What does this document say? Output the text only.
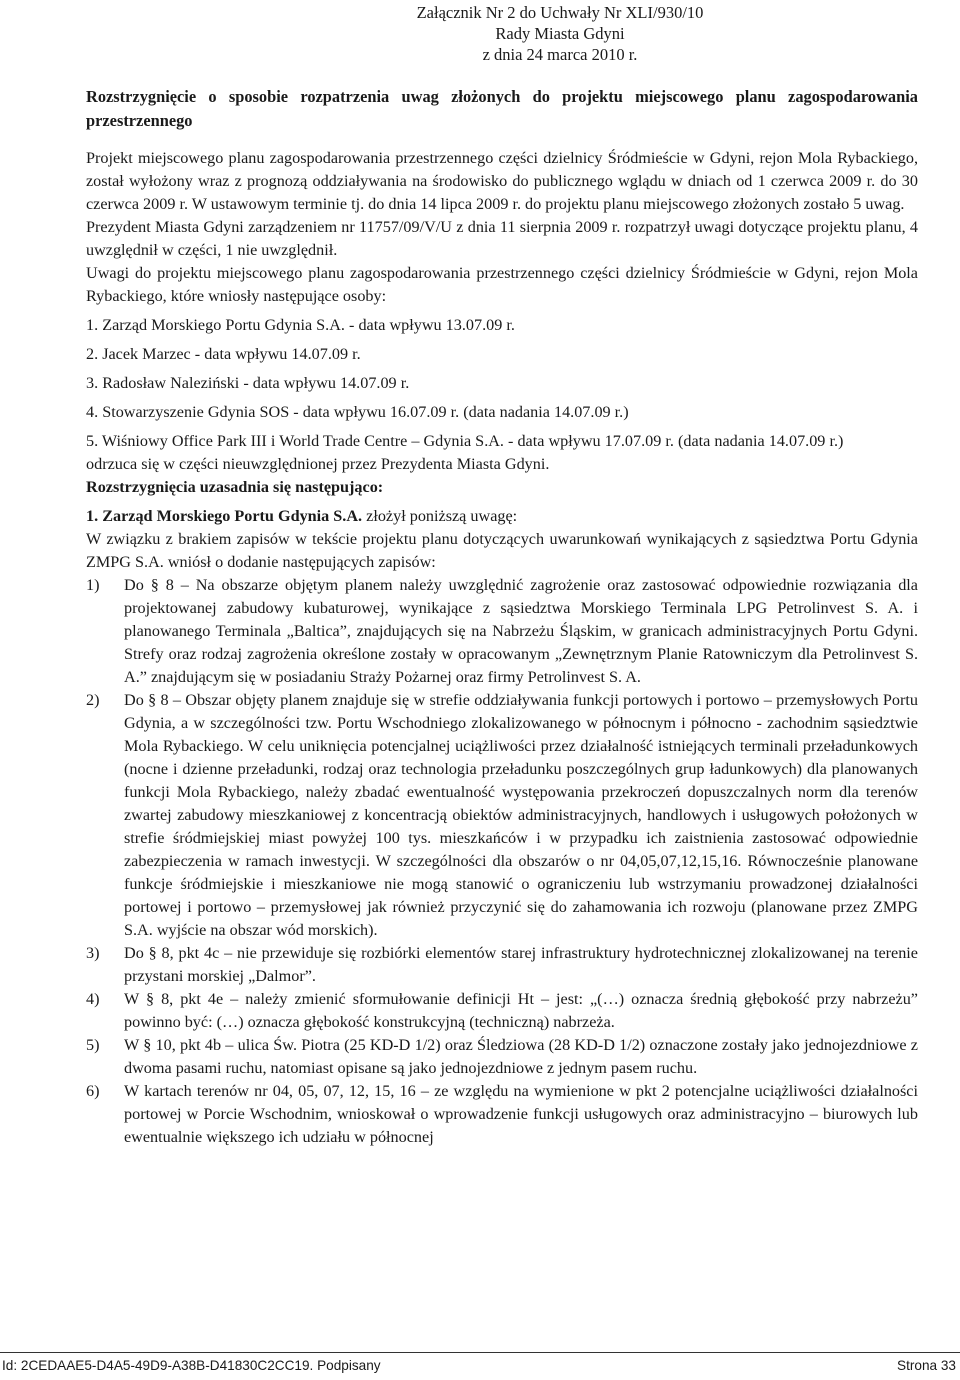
Załącznik Nr 2 do Uchwały Nr XLI/930/10
Rady Miasta Gdyni
z dnia 24 marca 2010 r.
Rozstrzygnięcie o sposobie rozpatrzenia uwag złożonych do projektu miejscowego planu zagospodarowania przestrzennego

Projekt miejscowego planu zagospodarowania przestrzennego części dzielnicy Śródmieście w Gdyni, rejon Mola Rybackiego, został wyłożony wraz z prognozą oddziaływania na środowisko do publicznego wglądu w dniach od 1 czerwca 2009 r. do 30 czerwca 2009 r. W ustawowym terminie tj. do dnia 14 lipca 2009 r. do projektu planu miejscowego złożonych zostało 5 uwag.

Prezydent Miasta Gdyni zarządzeniem nr 11757/09/V/U z dnia 11 sierpnia 2009 r. rozpatrzył uwagi dotyczące projektu planu, 4 uwzględnił w części, 1 nie uwzględnił.

Uwagi do projektu miejscowego planu zagospodarowania przestrzennego części dzielnicy Śródmieście w Gdyni, rejon Mola Rybackiego, które wniosły następujące osoby:

1. Zarząd Morskiego Portu Gdynia S.A. - data wpływu 13.07.09 r.
2. Jacek Marzec - data wpływu 14.07.09 r.
3. Radosław Naleziński - data wpływu 14.07.09 r.
4. Stowarzyszenie Gdynia SOS - data wpływu 16.07.09 r. (data nadania 14.07.09 r.)
5. Wiśniowy Office Park III i World Trade Centre – Gdynia S.A. - data wpływu 17.07.09 r. (data nadania 14.07.09 r.)
odrzuca się w części nieuwzględnionej przez Prezydenta Miasta Gdyni.
Rozstrzygnięcia uzasadnia się następująco:
1. Zarząd Morskiego Portu Gdynia S.A. złożył poniższą uwagę:

W związku z brakiem zapisów w tekście projektu planu dotyczących uwarunkowań wynikających z sąsiedztwa Portu Gdynia ZMPG S.A. wniósł o dodanie następujących zapisów:

1)	Do § 8 – Na obszarze objętym planem należy uwzględnić zagrożenie oraz zastosować odpowiednie rozwiązania dla projektowanej zabudowy kubaturowej, wynikające z sąsiedztwa Morskiego Terminala LPG Petrolinvest S. A. i planowanego Terminala „Baltica”, znajdujących się na Nabrzeżu Śląskim, w granicach administracyjnych Portu Gdyni. Strefy oraz rodzaj zagrożenia określone zostały w opracowanym „Zewnętrznym Planie Ratowniczym dla Petrolinvest S. A.” znajdującym się w posiadaniu Straży Pożarnej oraz firmy Petrolinvest S. A.
2)	Do § 8 – Obszar objęty planem znajduje się w strefie oddziaływania funkcji portowych i portowo – przemysłowych Portu Gdynia, a w szczególności tzw. Portu Wschodniego zlokalizowanego w północnym i północno - zachodnim sąsiedztwie Mola Rybackiego. W celu uniknięcia potencjalnej uciążliwości przez działalność istniejących terminali przeładunkowych (nocne i dzienne przeładunki, rodzaj oraz technologia przeładunku poszczególnych grup ładunkowych) dla planowanych funkcji Mola Rybackiego, należy zbadać ewentualność występowania przekroczeń dopuszczalnych norm dla terenów zwartej zabudowy mieszkaniowej z koncentracją obiektów administracyjnych, handlowych i usługowych położonych w strefie śródmiejskiej miast powyżej 100 tys. mieszkańców i w przypadku ich zaistnienia zastosować odpowiednie zabezpieczenia w ramach inwestycji. W szczególności dla obszarów o nr 04,05,07,12,15,16. Równocześnie planowane funkcje śródmiejskie i mieszkaniowe nie mogą stanowić o ograniczeniu lub wstrzymaniu prowadzonej działalności portowej i portowo – przemysłowej jak również przyczynić się do zahamowania ich rozwoju (planowane przez ZMPG S.A. wyjście na obszar wód morskich).
3)	Do § 8, pkt 4c – nie przewiduje się rozbiórki elementów starej infrastruktury hydrotechnicznej zlokalizowanej na terenie przystani morskiej „Dalmor”.
4)	W § 8, pkt 4e – należy zmienić sformułowanie definicji Ht – jest: „(…) oznacza średnią głębokość przy nabrzeżu” powinno być: (…) oznacza głębokość konstrukcyjną (techniczną) nabrzeża.
5)	W § 10, pkt 4b – ulica Św. Piotra (25 KD-D 1/2) oraz Śledziowa (28 KD-D 1/2) oznaczone zostały jako jednojezdniowe z dwoma pasami ruchu, natomiast opisane są jako jednojezdniowe z jednym pasem ruchu.
6)	W kartach terenów nr 04, 05, 07, 12, 15, 16 – ze względu na wymienione w pkt 2 potencjalne uciążliwości działalności portowej w Porcie Wschodnim, wnioskował o wprowadzenie funkcji usługowych oraz administracyjno – biurowych lub ewentualnie większego ich udziału w północnej
Id: 2CEDAAE5-D4A5-49D9-A38B-D41830C2CC19. Podpisany	Strona 33
